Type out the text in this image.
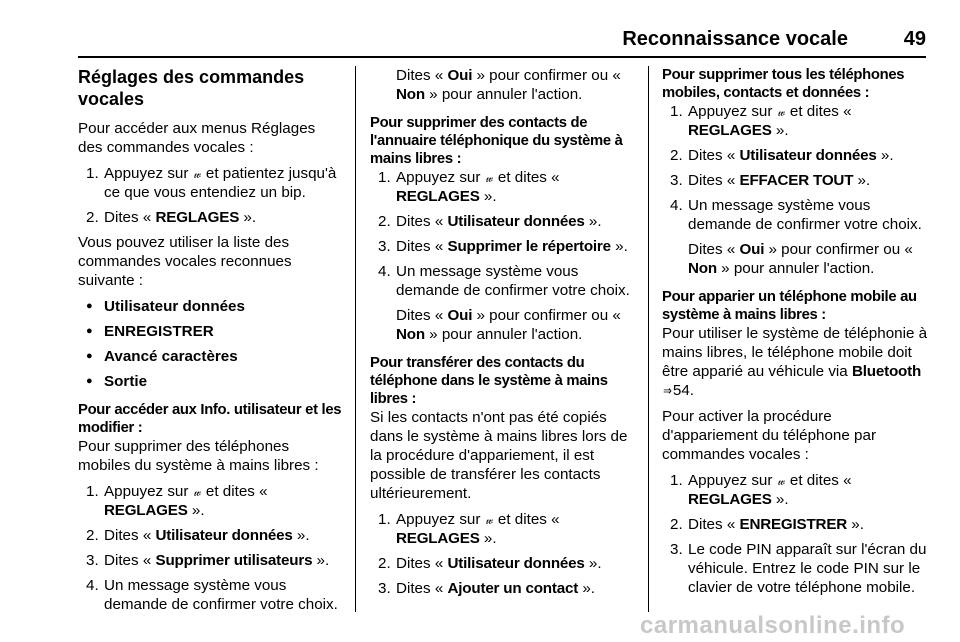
Reconnaissance vocale	49
Réglages des commandes vocales

Pour accéder aux menus Réglages des commandes vocales :

1. Appuyez sur 𝓌 et patientez jusqu'à ce que vous entendiez un bip.
2. Dites « REGLAGES ».

Vous pouvez utiliser la liste des commandes vocales reconnues suivante :

● Utilisateur données
● ENREGISTRER
● Avancé caractères
● Sortie
Pour accéder aux Info. utilisateur et les modifier :

Pour supprimer des téléphones mobiles du système à mains libres :

1. Appuyez sur 𝓌 et dites « REGLAGES ».
2. Dites « Utilisateur données ».
3. Dites « Supprimer utilisateurs ».
4. Un message système vous demande de confirmer votre choix.

Dites « Oui » pour confirmer ou « Non » pour annuler l'action.

Pour supprimer des contacts de l'annuaire téléphonique du système à mains libres :
1. Appuyez sur 𝓌 et dites « REGLAGES ».
2. Dites « Utilisateur données ».
3. Dites « Supprimer le répertoire ».
4. Un message système vous demande de confirmer votre choix.
Dites « Oui » pour confirmer ou « Non » pour annuler l'action.
Pour transférer des contacts du téléphone dans le système à mains libres :

Si les contacts n'ont pas été copiés dans le système à mains libres lors de la procédure d'appariement, il est possible de transférer les contacts ultérieurement.

1. Appuyez sur 𝓌 et dites « REGLAGES ».
2. Dites « Utilisateur données ».
3. Dites « Ajouter un contact ».
Pour supprimer tous les téléphones mobiles, contacts et données :
1. Appuyez sur 𝓌 et dites « REGLAGES ».
2. Dites « Utilisateur données ».
3. Dites « EFFACER TOUT ».
4. Un message système vous demande de confirmer votre choix.
Dites « Oui » pour confirmer ou « Non » pour annuler l'action.
Pour apparier un téléphone mobile au système à mains libres :

Pour utiliser le système de téléphonie à mains libres, le téléphone mobile doit être apparié au véhicule via Bluetooth ⇒54.

Pour activer la procédure d'appariement du téléphone par commandes vocales :

1. Appuyez sur 𝓌 et dites « REGLAGES ».
2. Dites « ENREGISTRER ».
3. Le code PIN apparaît sur l'écran du véhicule. Entrez le code PIN sur le clavier de votre téléphone mobile.
carmanualsonline.info
